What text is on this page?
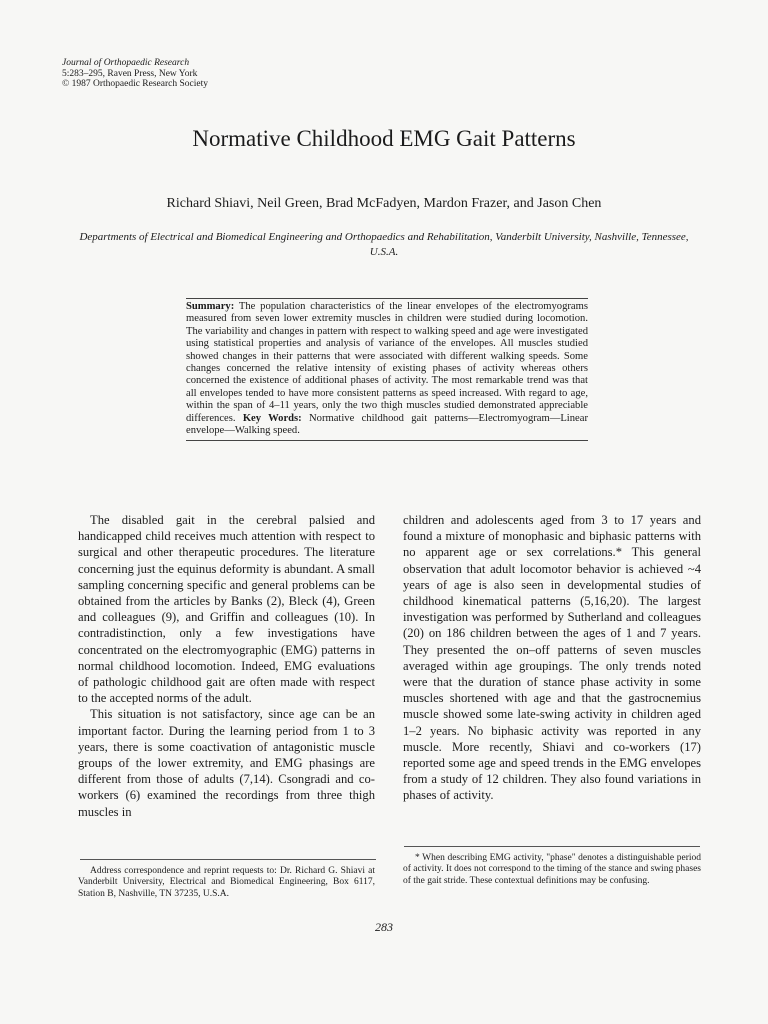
Journal of Orthopaedic Research
5:283–295, Raven Press, New York
© 1987 Orthopaedic Research Society
Normative Childhood EMG Gait Patterns
Richard Shiavi, Neil Green, Brad McFadyen, Mardon Frazer, and Jason Chen
Departments of Electrical and Biomedical Engineering and Orthopaedics and Rehabilitation, Vanderbilt University, Nashville, Tennessee, U.S.A.

Summary: The population characteristics of the linear envelopes of the electromyograms measured from seven lower extremity muscles in children were studied during locomotion. The variability and changes in pattern with respect to walking speed and age were investigated using statistical properties and analysis of variance of the envelopes. All muscles studied showed changes in their patterns that were associated with different walking speeds. Some changes concerned the relative intensity of existing phases of activity whereas others concerned the existence of additional phases of activity. The most remarkable trend was that all envelopes tended to have more consistent patterns as speed increased. With regard to age, within the span of 4–11 years, only the two thigh muscles studied demonstrated appreciable differences. Key Words: Normative childhood gait patterns—Electromyogram—Linear envelope—Walking speed.

The disabled gait in the cerebral palsied and handicapped child receives much attention with respect to surgical and other therapeutic procedures. The literature concerning just the equinus deformity is abundant. A small sampling concerning specific and general problems can be obtained from the articles by Banks (2), Bleck (4), Green and colleagues (9), and Griffin and colleagues (10). In contradistinction, only a few investigations have concentrated on the electromyographic (EMG) patterns in normal childhood locomotion. Indeed, EMG evaluations of pathologic childhood gait are often made with respect to the accepted norms of the adult.

This situation is not satisfactory, since age can be an important factor. During the learning period from 1 to 3 years, there is some coactivation of antagonistic muscle groups of the lower extremity, and EMG phasings are different from those of adults (7,14). Csongradi and co-workers (6) examined the recordings from three thigh muscles in

children and adolescents aged from 3 to 17 years and found a mixture of monophasic and biphasic patterns with no apparent age or sex correlations.* This general observation that adult locomotor behavior is achieved ~4 years of age is also seen in developmental studies of childhood kinematical patterns (5,16,20). The largest investigation was performed by Sutherland and colleagues (20) on 186 children between the ages of 1 and 7 years. They presented the on–off patterns of seven muscles averaged within age groupings. The only trends noted were that the duration of stance phase activity in some muscles shortened with age and that the gastrocnemius muscle showed some late-swing activity in children aged 1–2 years. No biphasic activity was reported in any muscle. More recently, Shiavi and co-workers (17) reported some age and speed trends in the EMG envelopes from a study of 12 children. They also found variations in phases of activity.

Address correspondence and reprint requests to: Dr. Richard G. Shiavi at Vanderbilt University, Electrical and Biomedical Engineering, Box 6117, Station B, Nashville, TN 37235, U.S.A.

* When describing EMG activity, "phase" denotes a distinguishable period of activity. It does not correspond to the timing of the stance and swing phases of the gait stride. These contextual definitions may be confusing.

283
